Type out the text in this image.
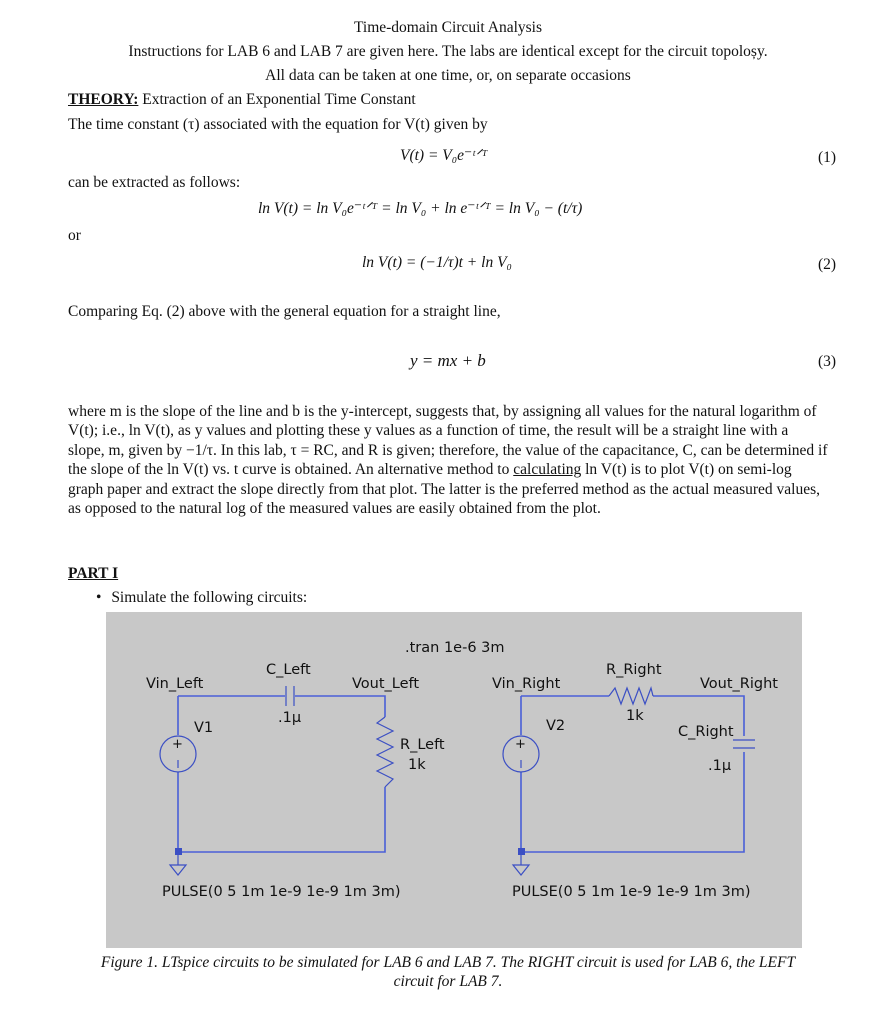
Time-domain Circuit Analysis
Instructions for LAB 6 and LAB 7 are given here. The labs are identical except for the circuit topoloșy.
All data can be taken at one time, or, on separate occasions
THEORY: Extraction of an Exponential Time Constant
The time constant (τ) associated with the equation for V(t) given by
V(t) = V₀e⁻ᵗᐟᵀ	(1)
can be extracted as follows:
ln V(t) = ln V₀e⁻ᵗᐟᵀ = ln V₀ + ln e⁻ᵗᐟᵀ = ln V₀ − (t/τ)
or
ln V(t) = (−1/τ)t + ln V₀	(2)
Comparing Eq. (2) above with the general equation for a straight line,
y = mx + b	(3)
where m is the slope of the line and b is the y-intercept, suggests that, by assigning all values for the natural logarithm of V(t); i.e., ln V(t), as y values and plotting these y values as a function of time, the result will be a straight line with a slope, m, given by −1/τ. In this lab, τ = RC, and R is given; therefore, the value of the capacitance, C, can be determined if the slope of the ln V(t) vs. t curve is obtained. An alternative method to calculating ln V(t) is to plot V(t) on semi-log graph paper and extract the slope directly from that plot. The latter is the preferred method as the actual measured values, as opposed to the natural log of the measured values are easily obtained from the plot.
PART I
• Simulate the following circuits:
.tran 1e-6 3m
+
Vin_Left
C_Left
.1µ
Vout_Left
V1
R_Left
1k
PULSE(0 5 1m 1e-9 1e-9 1m 3m)
+
Vin_Right
R_Right
1k
Vout_Right
V2	C_Right
.1µ
PULSE(0 5 1m 1e-9 1e-9 1m 3m)
Figure 1. LTspice circuits to be simulated for LAB 6 and LAB 7. The RIGHT circuit is used for LAB 6, the LEFT
circuit for LAB 7.
